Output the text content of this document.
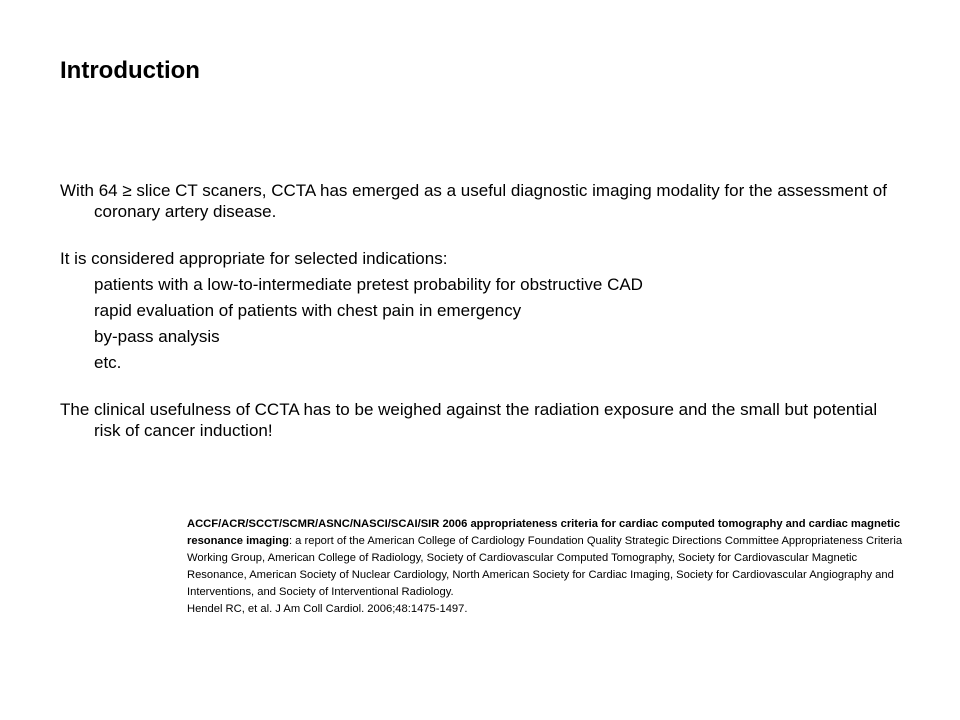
Introduction

With 64 ≥ slice CT scaners, CCTA has emerged as a useful diagnostic imaging modality for the assessment of coronary artery disease.

It is considered appropriate for selected indications:

patients with a low-to-intermediate pretest probability for obstructive CAD

rapid evaluation of patients with chest pain in emergency

by-pass analysis

etc.

The clinical usefulness of CCTA has to be weighed against the radiation exposure and the small but potential risk of cancer induction!

ACCF/ACR/SCCT/SCMR/ASNC/NASCI/SCAI/SIR 2006 appropriateness criteria for cardiac computed tomography and cardiac magnetic resonance imaging: a report of the American College of Cardiology Foundation Quality Strategic Directions Committee Appropriateness Criteria Working Group, American College of Radiology, Society of Cardiovascular Computed Tomography, Society for Cardiovascular Magnetic Resonance, American Society of Nuclear Cardiology, North American Society for Cardiac Imaging, Society for Cardiovascular Angiography and Interventions, and Society of Interventional Radiology.

Hendel RC, et al. J Am Coll Cardiol. 2006;48:1475-1497.
